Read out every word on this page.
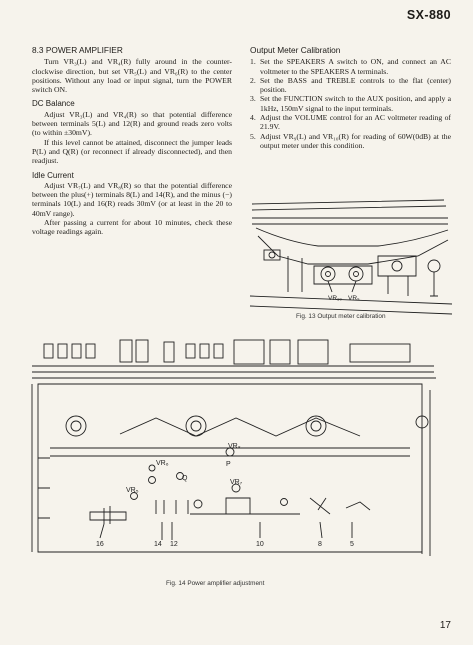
SX-880
8.3 POWER AMPLIFIER

Turn VR₃(L) and VR₄(R) fully around in the counter-clockwise direction, but set VR₅(L) and VR₆(R) to the center positions. Without any load or input signal, turn the POWER switch ON.

DC Balance

Adjust VR₃(L) and VR₄(R) so that potential difference between terminals 5(L) and 12(R) and ground reads zero volts (to within ±30mV).

If this level cannot be attained, disconnect the jumper leads P(L) and Q(R) (or reconnect if already disconnected), and then readjust.

Idle Current

Adjust VR₇(L) and VR₈(R) so that the potential difference between the plus(+) terminals 8(L) and 14(R), and the minus (−) terminals 10(L) and 16(R) reads 30mV (or at least in the 20 to 40mV range).

After passing a current for about 10 minutes, check these voltage readings again.

Output Meter Calibration
1. Set the SPEAKERS A switch to ON, and connect an AC voltmeter to the SPEAKERS A terminals.
2. Set the BASS and TREBLE controls to the flat (center) position.
3. Set the FUNCTION switch to the AUX position, and apply a 1kHz, 150mV signal to the input terminals.
4. Adjust the VOLUME control for an AC voltmeter reading of 21.9V.
5. Adjust VR₉(L) and VR₁₀(R) for reading of 60W(0dB) at the output meter under this condition.
VR₁₀ VR₉
Fig. 13 Output meter calibration
VR₈
VR₆
Q
VR₅
VR₇
P
16	14 12	10	8	5
Fig. 14 Power amplifier adjustment
17
